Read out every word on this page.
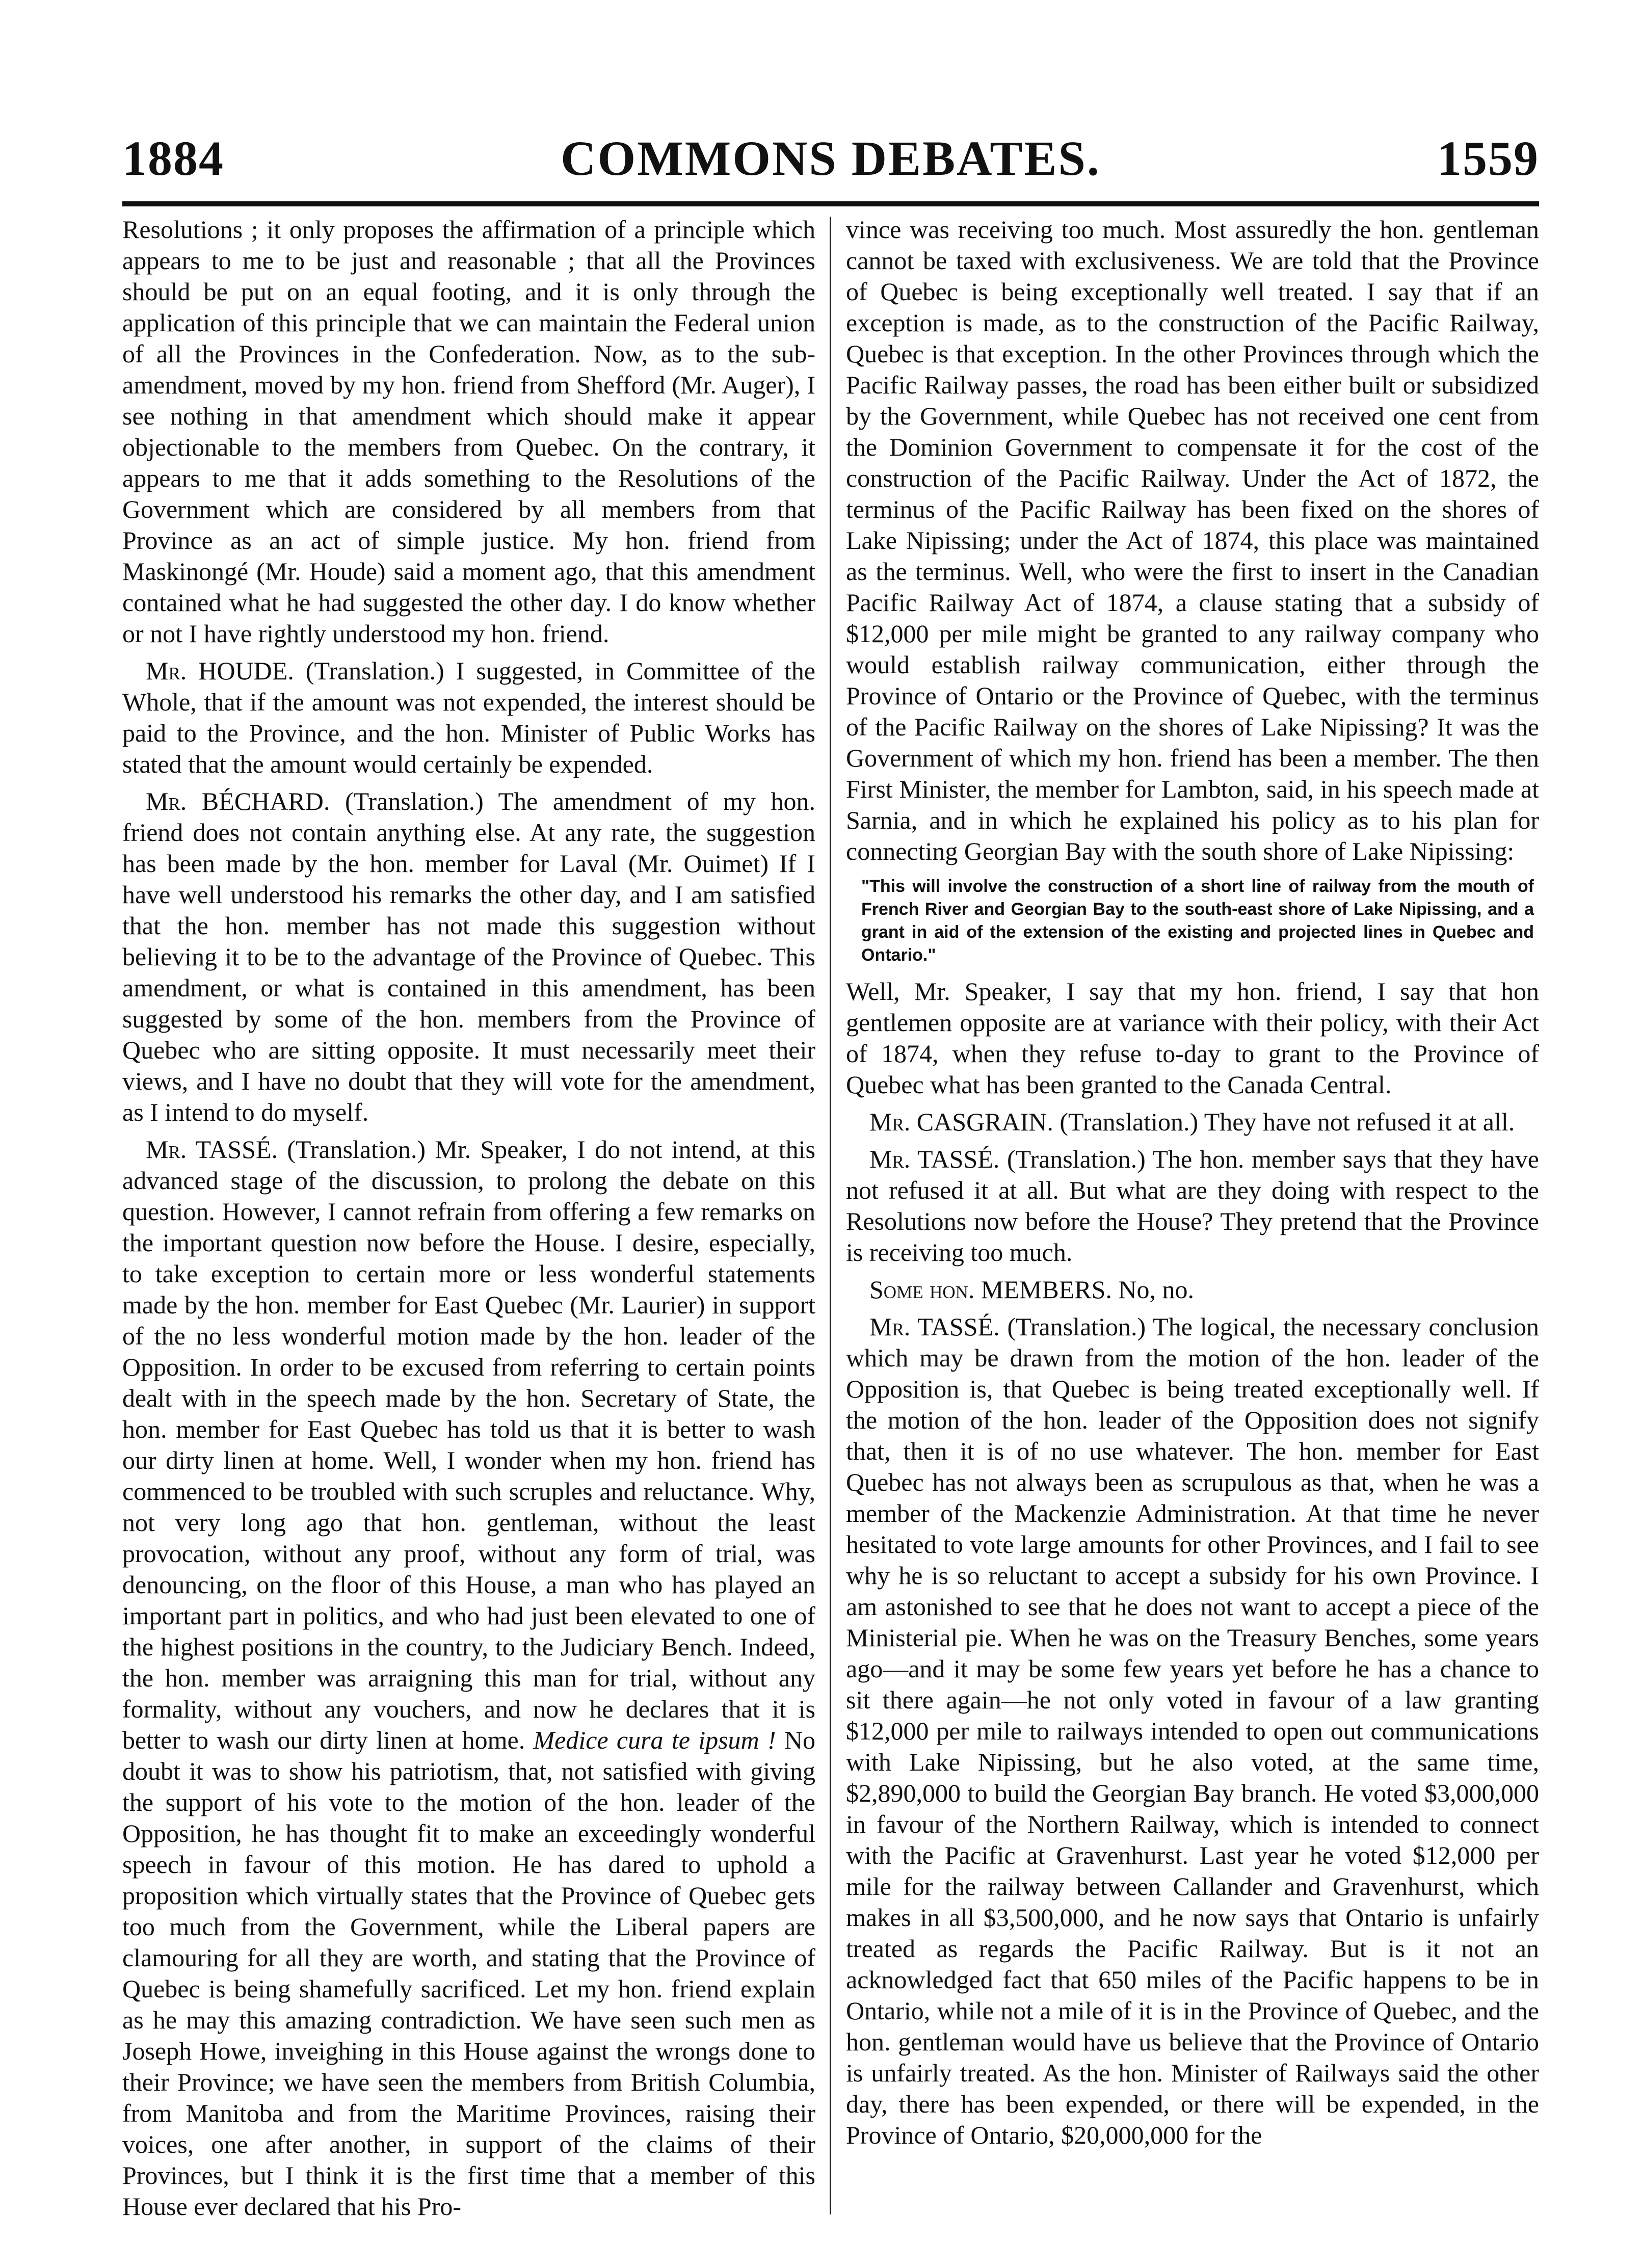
1884	COMMONS DEBATES.	1559

Resolutions ; it only proposes the affirmation of a principle which appears to me to be just and reasonable ; that all the Provinces should be put on an equal footing, and it is only through the application of this principle that we can maintain the Federal union of all the Provinces in the Confederation. Now, as to the sub-amendment, moved by my hon. friend from Shefford (Mr. Auger), I see nothing in that amendment which should make it appear objectionable to the members from Quebec. On the contrary, it appears to me that it adds something to the Resolutions of the Government which are considered by all members from that Province as an act of simple justice. My hon. friend from Maskinongé (Mr. Houde) said a moment ago, that this amendment contained what he had suggested the other day. I do know whether or not I have rightly understood my hon. friend.

Mr. HOUDE. (Translation.) I suggested, in Committee of the Whole, that if the amount was not expended, the interest should be paid to the Province, and the hon. Minister of Public Works has stated that the amount would certainly be expended.

Mr. BÉCHARD. (Translation.) The amendment of my hon. friend does not contain anything else. At any rate, the suggestion has been made by the hon. member for Laval (Mr. Ouimet) If I have well understood his remarks the other day, and I am satisfied that the hon. member has not made this suggestion without believing it to be to the advantage of the Province of Quebec. This amendment, or what is contained in this amendment, has been suggested by some of the hon. members from the Province of Quebec who are sitting opposite. It must necessarily meet their views, and I have no doubt that they will vote for the amendment, as I intend to do myself.

Mr. TASSÉ. (Translation.) Mr. Speaker, I do not intend, at this advanced stage of the discussion, to prolong the debate on this question. However, I cannot refrain from offering a few remarks on the important question now before the House. I desire, especially, to take exception to certain more or less wonderful statements made by the hon. member for East Quebec (Mr. Laurier) in support of the no less wonderful motion made by the hon. leader of the Opposition. In order to be excused from referring to certain points dealt with in the speech made by the hon. Secretary of State, the hon. member for East Quebec has told us that it is better to wash our dirty linen at home. Well, I wonder when my hon. friend has commenced to be troubled with such scruples and reluctance. Why, not very long ago that hon. gentleman, without the least provocation, without any proof, without any form of trial, was denouncing, on the floor of this House, a man who has played an important part in politics, and who had just been elevated to one of the highest positions in the country, to the Judiciary Bench. Indeed, the hon. member was arraigning this man for trial, without any formality, without any vouchers, and now he declares that it is better to wash our dirty linen at home. Medice cura te ipsum ! No doubt it was to show his patriotism, that, not satisfied with giving the support of his vote to the motion of the hon. leader of the Opposition, he has thought fit to make an exceedingly wonderful speech in favour of this motion. He has dared to uphold a proposition which virtually states that the Province of Quebec gets too much from the Government, while the Liberal papers are clamouring for all they are worth, and stating that the Province of Quebec is being shamefully sacrificed. Let my hon. friend explain as he may this amazing contradiction. We have seen such men as Joseph Howe, inveighing in this House against the wrongs done to their Province; we have seen the members from British Columbia, from Manitoba and from the Maritime Provinces, raising their voices, one after another, in support of the claims of their Provinces, but I think it is the first time that a member of this House ever declared that his Pro-

vince was receiving too much. Most assuredly the hon. gentleman cannot be taxed with exclusiveness. We are told that the Province of Quebec is being exceptionally well treated. I say that if an exception is made, as to the construction of the Pacific Railway, Quebec is that exception. In the other Provinces through which the Pacific Railway passes, the road has been either built or subsidized by the Government, while Quebec has not received one cent from the Dominion Government to compensate it for the cost of the construction of the Pacific Railway. Under the Act of 1872, the terminus of the Pacific Railway has been fixed on the shores of Lake Nipissing; under the Act of 1874, this place was maintained as the terminus. Well, who were the first to insert in the Canadian Pacific Railway Act of 1874, a clause stating that a subsidy of $12,000 per mile might be granted to any railway company who would establish railway communication, either through the Province of Ontario or the Province of Quebec, with the terminus of the Pacific Railway on the shores of Lake Nipissing? It was the Government of which my hon. friend has been a member. The then First Minister, the member for Lambton, said, in his speech made at Sarnia, and in which he explained his policy as to his plan for connecting Georgian Bay with the south shore of Lake Nipissing:

"This will involve the construction of a short line of railway from the mouth of French River and Georgian Bay to the south-east shore of Lake Nipissing, and a grant in aid of the extension of the existing and projected lines in Quebec and Ontario."

Well, Mr. Speaker, I say that my hon. friend, I say that hon gentlemen opposite are at variance with their policy, with their Act of 1874, when they refuse to-day to grant to the Province of Quebec what has been granted to the Canada Central.

Mr. CASGRAIN. (Translation.) They have not refused it at all.

Mr. TASSÉ. (Translation.) The hon. member says that they have not refused it at all. But what are they doing with respect to the Resolutions now before the House? They pretend that the Province is receiving too much.

Some hon. MEMBERS. No, no.

Mr. TASSÉ. (Translation.) The logical, the necessary conclusion which may be drawn from the motion of the hon. leader of the Opposition is, that Quebec is being treated exceptionally well. If the motion of the hon. leader of the Opposition does not signify that, then it is of no use whatever. The hon. member for East Quebec has not always been as scrupulous as that, when he was a member of the Mackenzie Administration. At that time he never hesitated to vote large amounts for other Provinces, and I fail to see why he is so reluctant to accept a subsidy for his own Province. I am astonished to see that he does not want to accept a piece of the Ministerial pie. When he was on the Treasury Benches, some years ago—and it may be some few years yet before he has a chance to sit there again—he not only voted in favour of a law granting $12,000 per mile to railways intended to open out communications with Lake Nipissing, but he also voted, at the same time, $2,890,000 to build the Georgian Bay branch. He voted $3,000,000 in favour of the Northern Railway, which is intended to connect with the Pacific at Gravenhurst. Last year he voted $12,000 per mile for the railway between Callander and Gravenhurst, which makes in all $3,500,000, and he now says that Ontario is unfairly treated as regards the Pacific Railway. But is it not an acknowledged fact that 650 miles of the Pacific happens to be in Ontario, while not a mile of it is in the Province of Quebec, and the hon. gentleman would have us believe that the Province of Ontario is unfairly treated. As the hon. Minister of Railways said the other day, there has been expended, or there will be expended, in the Province of Ontario, $20,000,000 for the
